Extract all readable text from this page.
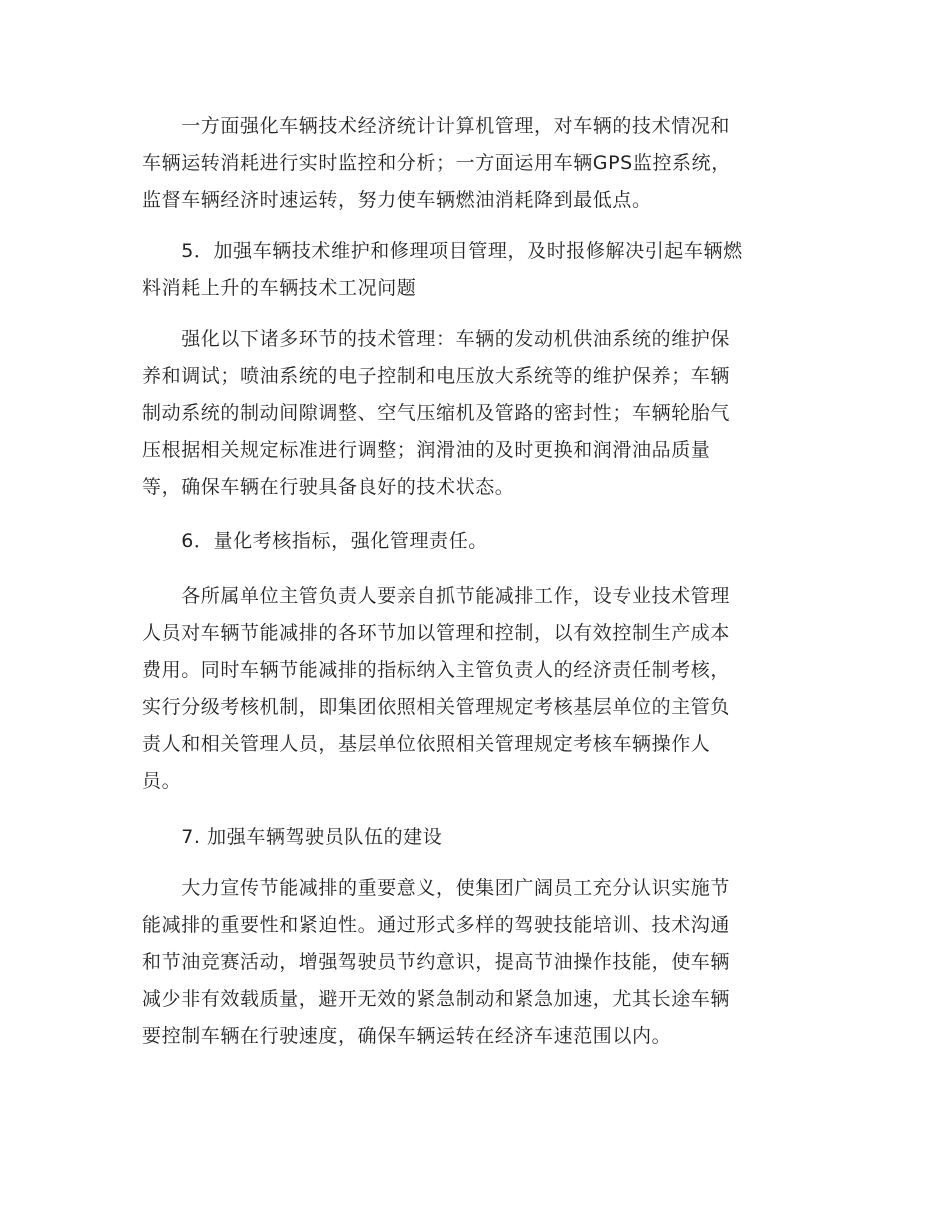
　　一方面强化车辆技术经济统计计算机管理，对车辆的技术情况和
车辆运转消耗进行实时监控和分析；一方面运用车辆GPS监控系统，
监督车辆经济时速运转，努力使车辆燃油消耗降到最低点。

　　5．加强车辆技术维护和修理项目管理，及时报修解决引起车辆燃
料消耗上升的车辆技术工况问题

　　强化以下诸多环节的技术管理：车辆的发动机供油系统的维护保
养和调试；喷油系统的电子控制和电压放大系统等的维护保养；车辆
制动系统的制动间隙调整、空气压缩机及管路的密封性；车辆轮胎气
压根据相关规定标准进行调整；润滑油的及时更换和润滑油品质量
等，确保车辆在行驶具备良好的技术状态。

　　6．量化考核指标，强化管理责任。

　　各所属单位主管负责人要亲自抓节能减排工作，设专业技术管理
人员对车辆节能减排的各环节加以管理和控制，以有效控制生产成本
费用。同时车辆节能减排的指标纳入主管负责人的经济责任制考核，
实行分级考核机制，即集团依照相关管理规定考核基层单位的主管负
责人和相关管理人员，基层单位依照相关管理规定考核车辆操作人
员。

　　7. 加强车辆驾驶员队伍的建设

　　大力宣传节能减排的重要意义，使集团广阔员工充分认识实施节
能减排的重要性和紧迫性。通过形式多样的驾驶技能培训、技术沟通
和节油竞赛活动，增强驾驶员节约意识，提高节油操作技能，使车辆
减少非有效载质量，避开无效的紧急制动和紧急加速，尤其长途车辆
要控制车辆在行驶速度，确保车辆运转在经济车速范围以内。
